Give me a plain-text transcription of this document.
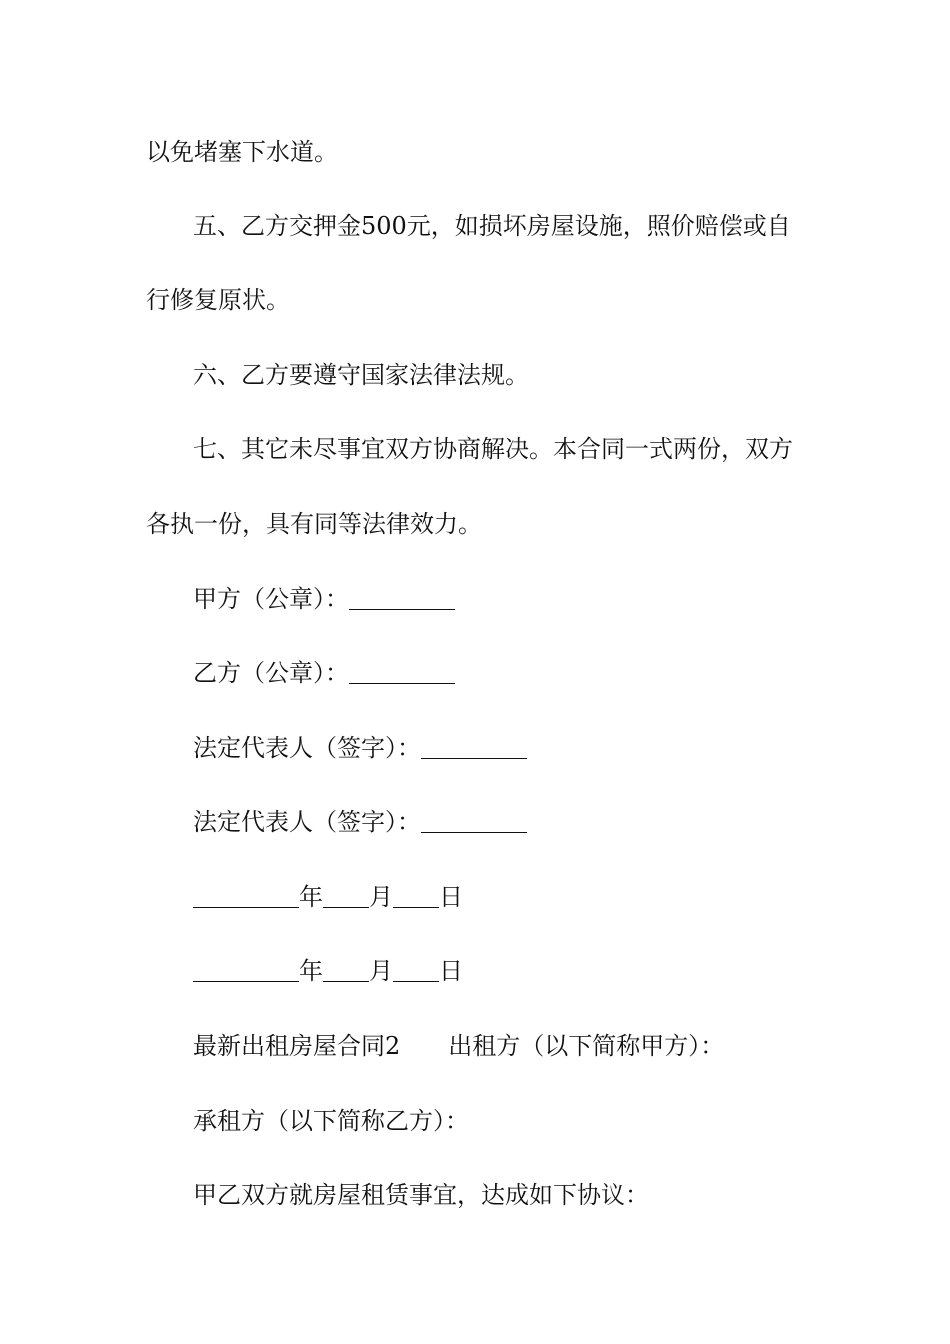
以免堵塞下水道。
五、乙方交押金500元，如损坏房屋设施，照价赔偿或自
行修复原状。
六、乙方要遵守国家法律法规。
七、其它未尽事宜双方协商解决。本合同一式两份，双方
各执一份，具有同等法律效力。
甲方（公章）：
乙方（公章）：
法定代表人（签字）：
法定代表人（签字）：
年 月 日
年 月 日
最新出租房屋合同2 出租方（以下简称甲方）：
承租方（以下简称乙方）：
甲乙双方就房屋租赁事宜，达成如下协议：
